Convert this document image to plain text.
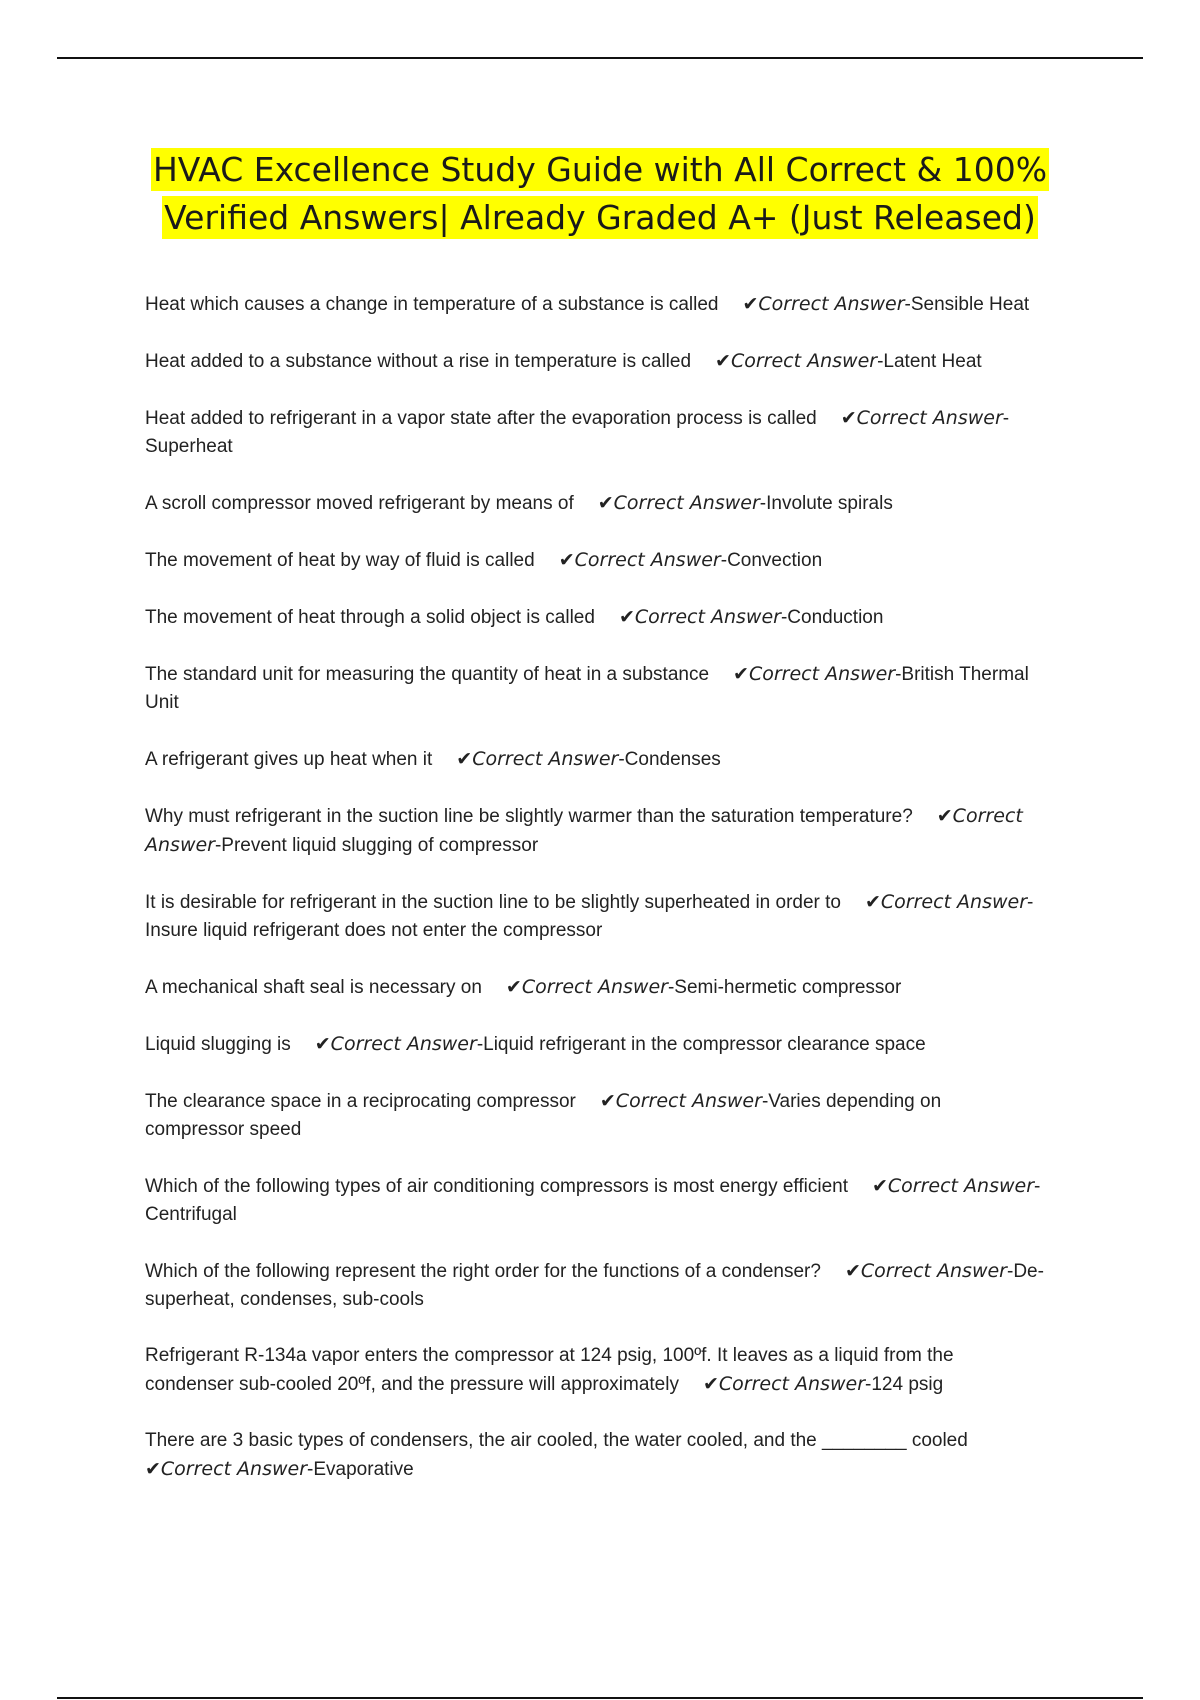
HVAC Excellence Study Guide with All Correct & 100% Verified Answers| Already Graded A+ (Just Released)
Heat which causes a change in temperature of a substance is called ✔Correct Answer-Sensible Heat
Heat added to a substance without a rise in temperature is called ✔Correct Answer-Latent Heat
Heat added to refrigerant in a vapor state after the evaporation process is called ✔Correct Answer-Superheat
A scroll compressor moved refrigerant by means of ✔Correct Answer-Involute spirals
The movement of heat by way of fluid is called ✔Correct Answer-Convection
The movement of heat through a solid object is called ✔Correct Answer-Conduction
The standard unit for measuring the quantity of heat in a substance ✔Correct Answer-British Thermal Unit
A refrigerant gives up heat when it ✔Correct Answer-Condenses
Why must refrigerant in the suction line be slightly warmer than the saturation temperature? ✔Correct Answer-Prevent liquid slugging of compressor
It is desirable for refrigerant in the suction line to be slightly superheated in order to ✔Correct Answer-Insure liquid refrigerant does not enter the compressor
A mechanical shaft seal is necessary on ✔Correct Answer-Semi-hermetic compressor
Liquid slugging is ✔Correct Answer-Liquid refrigerant in the compressor clearance space
The clearance space in a reciprocating compressor ✔Correct Answer-Varies depending on compressor speed
Which of the following types of air conditioning compressors is most energy efficient ✔Correct Answer-Centrifugal
Which of the following represent the right order for the functions of a condenser? ✔Correct Answer-De-superheat, condenses, sub-cools
Refrigerant R-134a vapor enters the compressor at 124 psig, 100ºf. It leaves as a liquid from the condenser sub-cooled 20ºf, and the pressure will approximately ✔Correct Answer-124 psig
There are 3 basic types of condensers, the air cooled, the water cooled, and the ________ cooled✔Correct Answer-Evaporative
